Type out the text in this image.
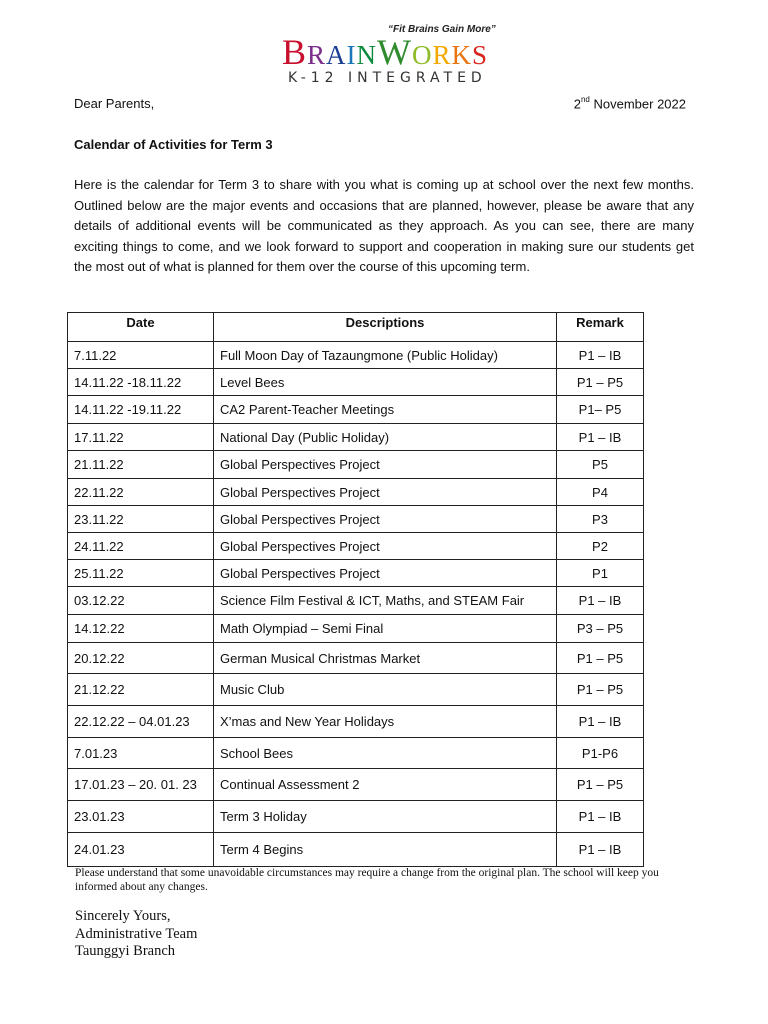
“Fit Brains Gain More”
BRAINWORKS
K-12 INTEGRATED
Dear Parents,	2nd November 2022
Calendar of Activities for Term 3
Here is the calendar for Term 3 to share with you what is coming up at school over the next few months. Outlined below are the major events and occasions that are planned, however, please be aware that any details of additional events will be communicated as they approach. As you can see, there are many exciting things to come, and we look forward to support and cooperation in making sure our students get the most out of what is planned for them over the course of this upcoming term.
Date	Descriptions	Remark
7.11.22	Full Moon Day of Tazaungmone (Public Holiday)	P1 – IB
14.11.22 -18.11.22	Level Bees	P1 – P5
14.11.22 -19.11.22	CA2 Parent-Teacher Meetings	P1– P5
17.11.22	National Day (Public Holiday)	P1 – IB
21.11.22	Global Perspectives Project	P5
22.11.22	Global Perspectives Project	P4
23.11.22	Global Perspectives Project	P3
24.11.22	Global Perspectives Project	P2
25.11.22	Global Perspectives Project	P1
03.12.22	Science Film Festival & ICT, Maths, and STEAM Fair	P1 – IB
14.12.22	Math Olympiad – Semi Final	P3 – P5
20.12.22	German Musical Christmas Market	P1 – P5
21.12.22	Music Club	P1 – P5
22.12.22 – 04.01.23	X’mas and New Year Holidays	P1 – IB
7.01.23	School Bees	P1-P6
17.01.23 – 20. 01. 23	Continual Assessment 2	P1 – P5
23.01.23	Term 3 Holiday	P1 – IB
24.01.23	Term 4 Begins	P1 – IB
Please understand that some unavoidable circumstances may require a change from the original plan. The school will keep you informed about any changes.
Sincerely Yours,
Administrative Team
Taunggyi Branch
